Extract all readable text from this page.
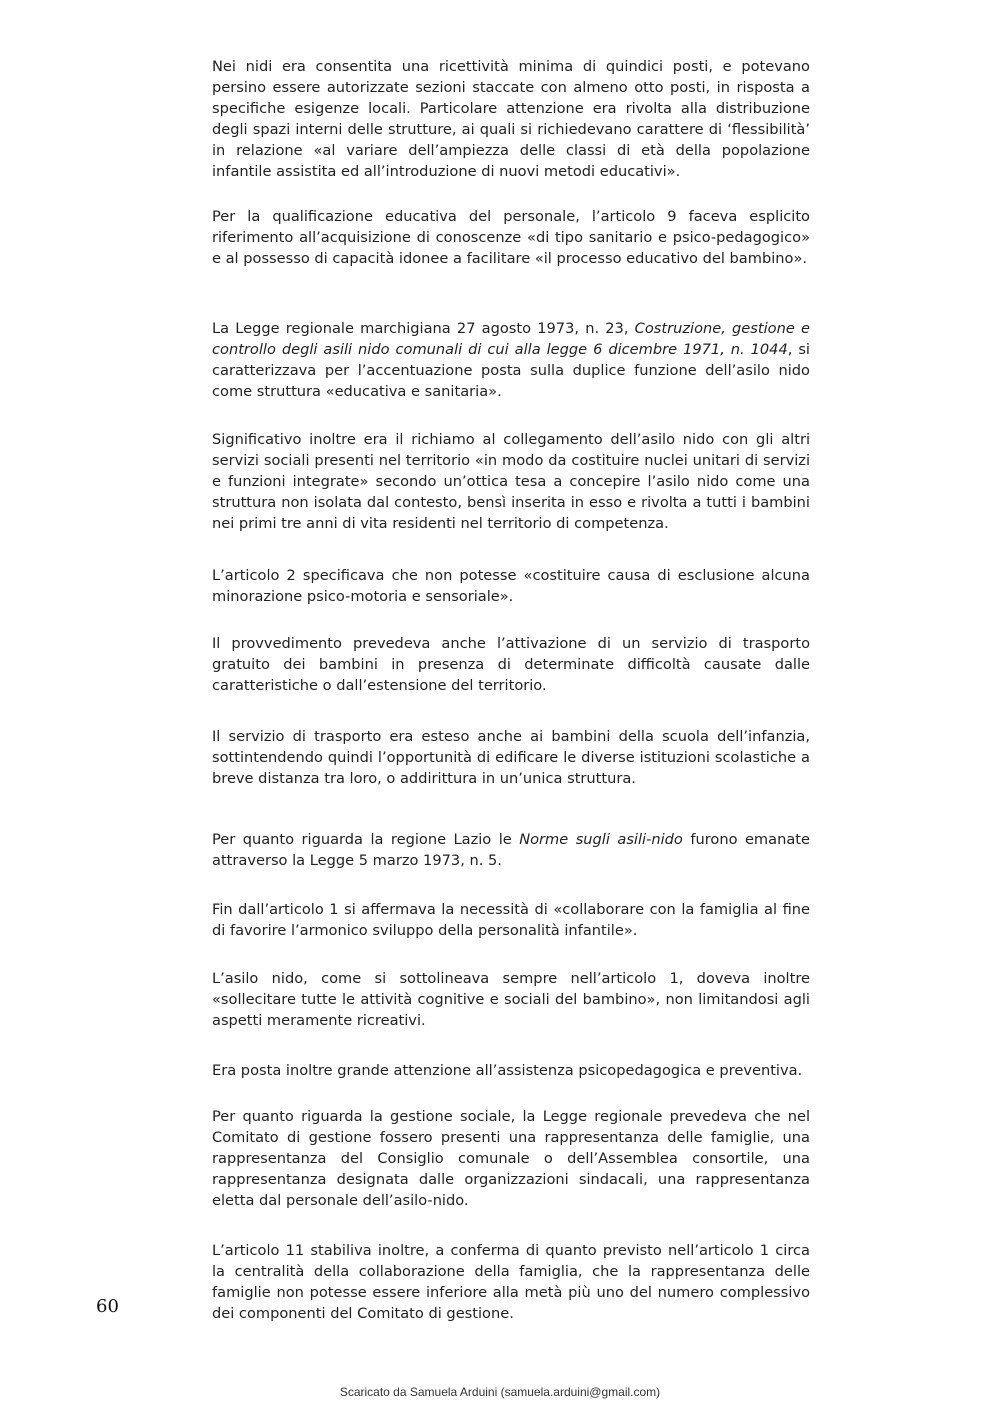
Nei nidi era consentita una ricettività minima di quindici posti, e potevano persino essere autorizzate sezioni staccate con almeno otto posti, in risposta a specifiche esigenze locali. Particolare attenzione era rivolta alla distribuzione degli spazi interni delle strutture, ai quali si richiedevano carattere di ‘flessibilità’ in relazione «al variare dell’ampiezza delle classi di età della popolazione infantile assistita ed all’introduzione di nuovi metodi educativi».

Per la qualificazione educativa del personale, l’articolo 9 faceva esplicito riferimento all’acquisizione di conoscenze «di tipo sanitario e psico-pedagogico» e al possesso di capacità idonee a facilitare «il processo educativo del bambino».

La Legge regionale marchigiana 27 agosto 1973, n. 23, Costruzione, gestione e controllo degli asili nido comunali di cui alla legge 6 dicembre 1971, n. 1044, si caratterizzava per l’accentuazione posta sulla duplice funzione dell’asilo nido come struttura «educativa e sanitaria».

Significativo inoltre era il richiamo al collegamento dell’asilo nido con gli altri servizi sociali presenti nel territorio «in modo da costituire nuclei unitari di servizi e funzioni integrate» secondo un’ottica tesa a concepire l’asilo nido come una struttura non isolata dal contesto, bensì inserita in esso e rivolta a tutti i bambini nei primi tre anni di vita residenti nel territorio di competenza.

L’articolo 2 specificava che non potesse «costituire causa di esclusione alcuna minorazione psico-motoria e sensoriale».

Il provvedimento prevedeva anche l’attivazione di un servizio di trasporto gratuito dei bambini in presenza di determinate difficoltà causate dalle caratteristiche o dall’estensione del territorio.

Il servizio di trasporto era esteso anche ai bambini della scuola dell’infanzia, sottintendendo quindi l’opportunità di edificare le diverse istituzioni scolastiche a breve distanza tra loro, o addirittura in un’unica struttura.

Per quanto riguarda la regione Lazio le Norme sugli asili-nido furono emanate attraverso la Legge 5 marzo 1973, n. 5.

Fin dall’articolo 1 si affermava la necessità di «collaborare con la famiglia al fine di favorire l’armonico sviluppo della personalità infantile».

L’asilo nido, come si sottolineava sempre nell’articolo 1, doveva inoltre «sollecitare tutte le attività cognitive e sociali del bambino», non limitandosi agli aspetti meramente ricreativi.

Era posta inoltre grande attenzione all’assistenza psicopedagogica e preventiva.

Per quanto riguarda la gestione sociale, la Legge regionale prevedeva che nel Comitato di gestione fossero presenti una rappresentanza delle famiglie, una rappresentanza del Consiglio comunale o dell’Assemblea consortile, una rappresentanza designata dalle organizzazioni sindacali, una rappresentanza eletta dal personale dell’asilo-nido.

L’articolo 11 stabiliva inoltre, a conferma di quanto previsto nell’articolo 1 circa la centralità della collaborazione della famiglia, che la rappresentanza delle famiglie non potesse essere inferiore alla metà più uno del numero complessivo dei componenti del Comitato di gestione.

60
Scaricato da Samuela Arduini (samuela.arduini@gmail.com)
